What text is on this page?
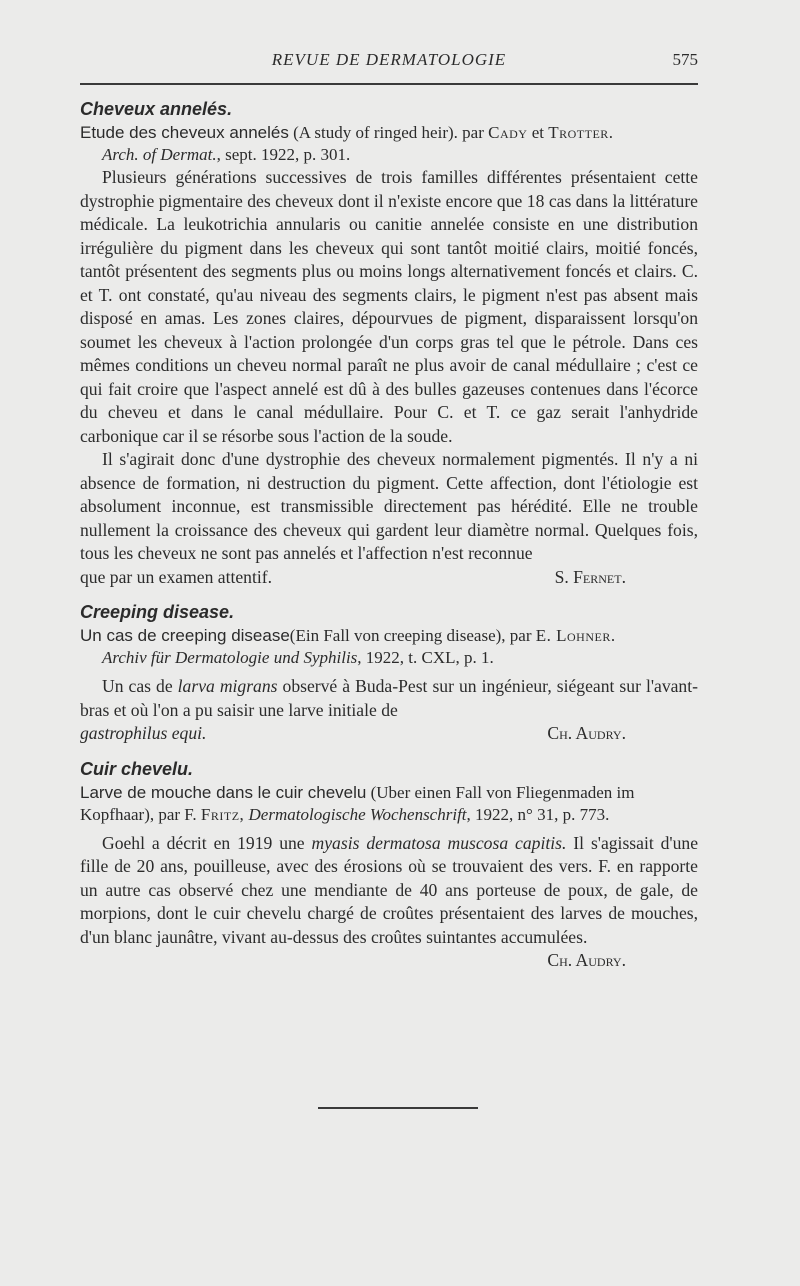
REVUE DE DERMATOLOGIE	575
Cheveux annelés.

Etude des cheveux annelés (A study of ringed heir). par Cady et Trotter.

Arch. of Dermat., sept. 1922, p. 301.

Plusieurs générations successives de trois familles différentes présentaient cette dystrophie pigmentaire des cheveux dont il n'existe encore que 18 cas dans la littérature médicale. La leukotrichia annularis ou canitie annelée consiste en une distribution irrégulière du pigment dans les cheveux qui sont tantôt moitié clairs, moitié foncés, tantôt présentent des segments plus ou moins longs alternativement foncés et clairs. C. et T. ont constaté, qu'au niveau des segments clairs, le pigment n'est pas absent mais disposé en amas. Les zones claires, dépourvues de pigment, disparaissent lorsqu'on soumet les cheveux à l'action prolongée d'un corps gras tel que le pétrole. Dans ces mêmes conditions un cheveu normal paraît ne plus avoir de canal médullaire ; c'est ce qui fait croire que l'aspect annelé est dû à des bulles gazeuses contenues dans l'écorce du cheveu et dans le canal médullaire. Pour C. et T. ce gaz serait l'anhydride carbonique car il se résorbe sous l'action de la soude.

Il s'agirait donc d'une dystrophie des cheveux normalement pigmentés. Il n'y a ni absence de formation, ni destruction du pigment. Cette affection, dont l'étiologie est absolument inconnue, est transmissible directement pas hérédité. Elle ne trouble nullement la croissance des cheveux qui gardent leur diamètre normal. Quelques fois, tous les cheveux ne sont pas annelés et l'affection n'est reconnue

que par un examen attentif.	S. Fernet.
Creeping disease.

Un cas de creeping disease(Ein Fall von creeping disease), par E. Lohner.

Archiv für Dermatologie und Syphilis, 1922, t. CXL, p. 1.

Un cas de larva migrans observé à Buda-Pest sur un ingénieur, siégeant sur l'avant-bras et où l'on a pu saisir une larve initiale de

gastrophilus equi.	Ch. Audry.
Cuir chevelu.

Larve de mouche dans le cuir chevelu (Uber einen Fall von Fliegenmaden im Kopfhaar), par F. Fritz, Dermatologische Wochenschrift, 1922, n° 31, p. 773.

Goehl a décrit en 1919 une myasis dermatosa muscosa capitis. Il s'agissait d'une fille de 20 ans, pouilleuse, avec des érosions où se trouvaient des vers. F. en rapporte un autre cas observé chez une mendiante de 40 ans porteuse de poux, de gale, de morpions, dont le cuir chevelu chargé de croûtes présentaient des larves de mouches, d'un blanc jaunâtre, vivant au-dessus des croûtes suintantes accumulées.

Ch. Audry.
